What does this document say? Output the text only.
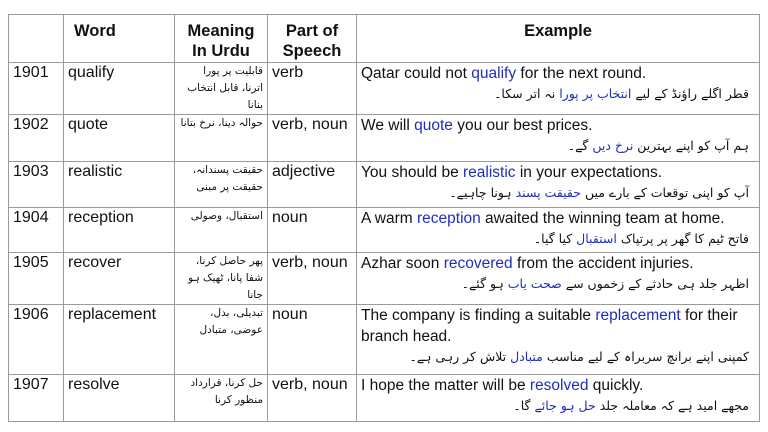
	Word	Meaning In Urdu	Part of Speech	Example
1901	qualify	قابلیت پر پورا اترنا، قابل انتخاب بنانا	verb	Qatar could not qualify for the next round.
قطر اگلے راؤنڈ کے لیے انتخاب پر پورا نہ اتر سکا۔

1902	quote	حوالہ دینا، نرخ بتانا	verb, noun	We will quote you our best prices.
ہم آپ کو اپنے بہترین نرخ دیں گے۔

1903	realistic	حقیقت پسندانہ، حقیقت پر مبنی	adjective	You should be realistic in your expectations.
آپ کو اپنی توقعات کے بارے میں حقیقت پسند ہونا چاہیے۔

1904	reception	استقبال، وصولی	noun	A warm reception awaited the winning team at home.
فاتح ٹیم کا گھر پر پرتپاک استقبال کیا گیا۔

1905	recover	پھر حاصل کرنا، شفا پانا، ٹھیک ہو جانا	verb, noun	Azhar soon recovered from the accident injuries.
اظہر جلد ہی حادثے کے زخموں سے صحت یاب ہو گئے۔

1906	replacement	تبدیلی، بدل، عوضی، متبادل	noun	The company is finding a suitable replacement for their branch head.
کمپنی اپنے برانچ سربراہ کے لیے مناسب متبادل تلاش کر رہی ہے۔

1907	resolve	حل کرنا، قرارداد منظور کرنا	verb, noun	I hope the matter will be resolved quickly.
مجھے امید ہے کہ معاملہ جلد حل ہو جائے گا۔
